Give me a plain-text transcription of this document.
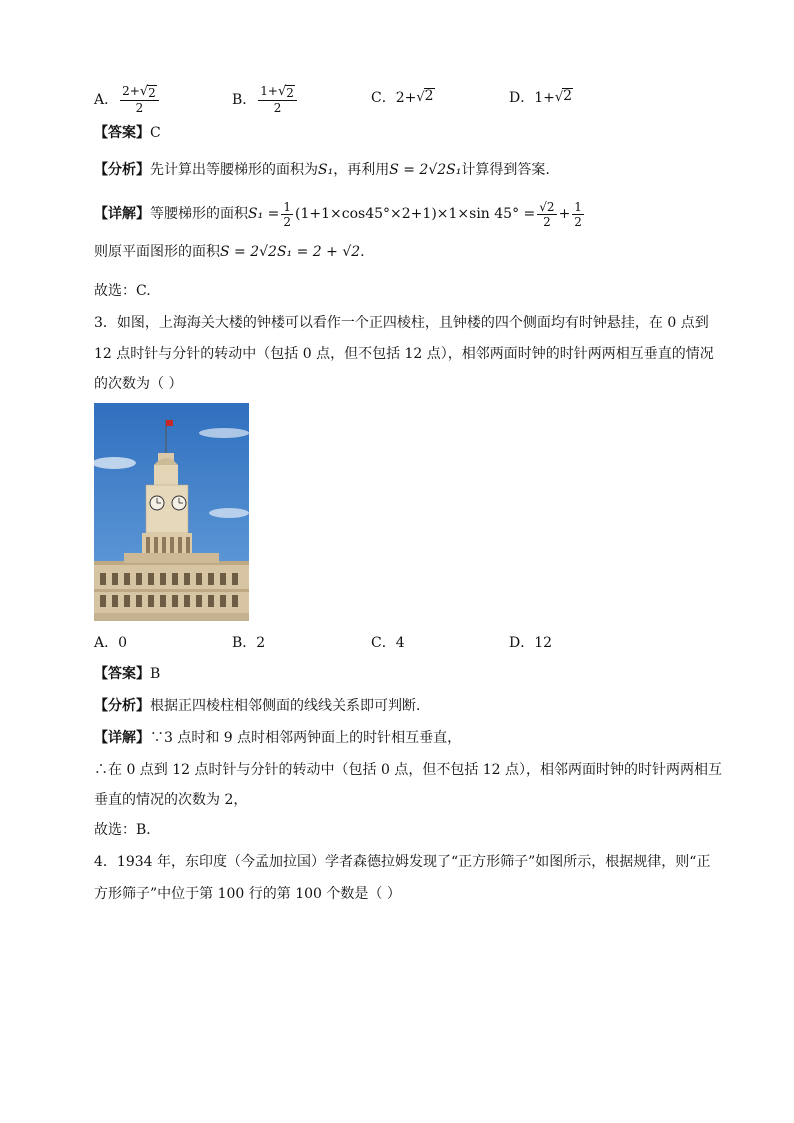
A． $\frac{2+ √ 2}{2}$	B． $\frac{1+ √ 2}{2}$	C． 2+ √ 2	D． 1+ √ 2
【答案】C
【分析】先计算出等腰梯形的面积为S₁，再利用S = 2√2S₁计算得到答案.
【详解】 等腰梯形的面积 $S_1 = \frac{1}{2} (1+1\times\cos 45^\circ\times 2+1)\times 1\times\sin$ $45^\circ = \frac{√2}{2} + \frac{1}{2}$
则原平面图形的面积S = 2√2S₁ = 2 + √2.
故选：C.
3．如图，上海海关大楼的钟楼可以看作一个正四棱柱，且钟楼的四个侧面均有时钟悬挂，在 0 点到
12 点时针与分针的转动中（包括 0 点，但不包括 12 点），相邻两面时钟的时针两两相互垂直的情况
的次数为（ ）
A．0	B．2	C．4	D．12
【答案】B
【分析】根据正四棱柱相邻侧面的线线关系即可判断．
【详解】∵3 点时和 9 点时相邻两钟面上的时针相互垂直，
∴在 0 点到 12 点时针与分针的转动中（包括 0 点，但不包括 12 点），相邻两面时钟的时针两两相互
垂直的情况的次数为 2，
故选：B．
4．1934 年，东印度（今孟加拉国）学者森德拉姆发现了“正方形筛子”如图所示，根据规律，则“正
方形筛子”中位于第 100 行的第 100 个数是（ ）
